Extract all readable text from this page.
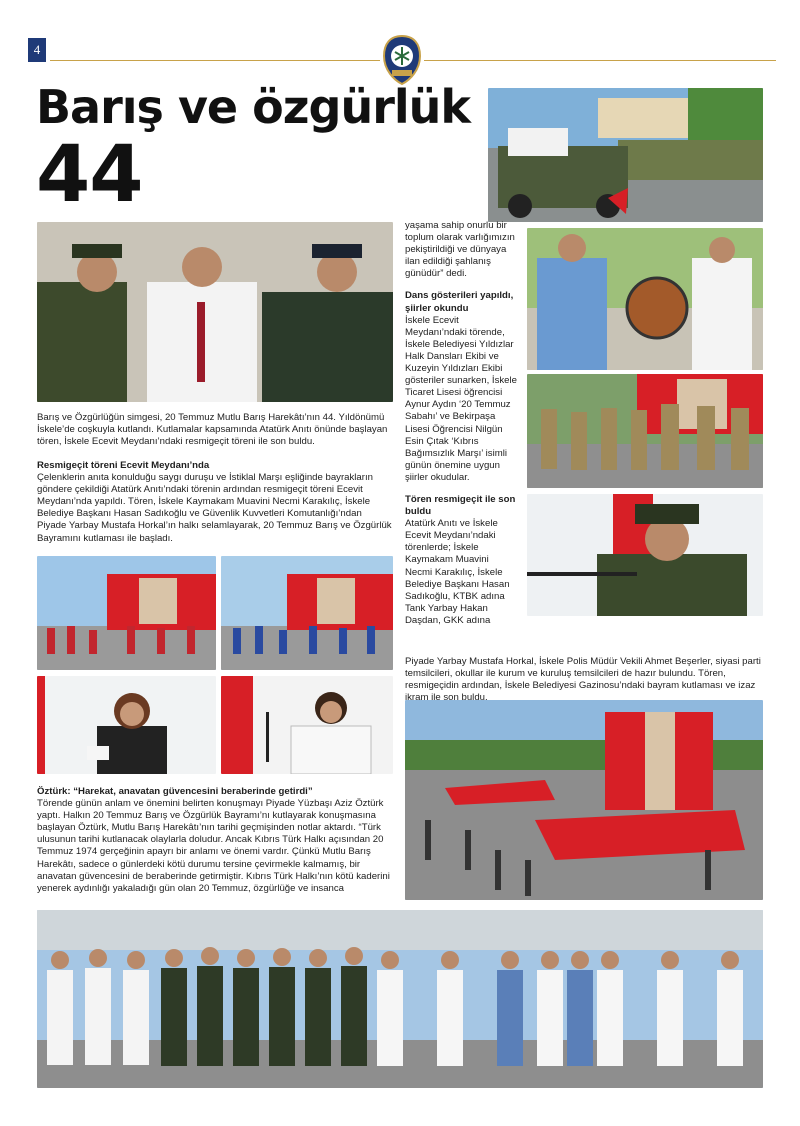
4
Barış ve özgürlük
44

Barış ve Özgürlüğün simgesi, 20 Temmuz Mutlu Barış Harekâtı’nın 44. Yıldönümü İskele’de coşkuyla kutlandı. Kutlamalar kapsamında Atatürk Anıtı önünde başlayan tören, İskele Ecevit Meydanı’ndaki resmigeçit töreni ile son buldu.

Resmigeçit töreni Ecevit Meydanı’nda

Çelenklerin anıta konulduğu saygı duruşu ve İstiklal Marşı eşliğinde bayrakların göndere çekildiği Atatürk Anıtı’ndaki törenin ardından resmigeçit töreni Ecevit Meydanı’nda yapıldı. Tören, İskele Kaymakam Muavini Necmi Karakılıç, İskele Belediye Başkanı Hasan Sadıkoğlu ve Güvenlik Kuvvetleri Komutanlığı’ndan Piyade Yarbay Mustafa Horkal’ın halkı selamlayarak, 20 Temmuz Barış ve Özgürlük Bayramını kutlaması ile başladı.

yaşama sahip onurlu bir toplum olarak varlığımızın pekiştirildiği ve dünyaya ilan edildiği şahlanış günüdür” dedi.

Dans gösterileri yapıldı, şiirler okundu

İskele Ecevit Meydanı’ndaki törende, İskele Belediyesi Yıldızlar Halk Dansları Ekibi ve Kuzeyin Yıldızları Ekibi gösteriler sunarken, İskele Ticaret Lisesi öğrencisi Aynur Aydın ‘20 Temmuz Sabahı’ ve Bekirpaşa Lisesi Öğrencisi Nilgün Esin Çıtak ‘Kıbrıs Bağımsızlık Marşı’ isimli günün önemine uygun şiirler okudular.

Tören resmigeçit ile son buldu

Atatürk Anıtı ve İskele Ecevit Meydanı’ndaki törenlerde; İskele Kaymakam Muavini Necmi Karakılıç, İskele Belediye Başkanı Hasan Sadıkoğlu, KTBK adına Tank Yarbay Hakan Daşdan, GKK adına

Piyade Yarbay Mustafa Horkal, İskele Polis Müdür Vekili Ahmet Beşerler, siyasi parti temsilcileri, okullar ile kurum ve kuruluş temsilcileri de hazır bulundu. Tören, resmigeçidin ardından, İskele Belediyesi Gazinosu’ndaki bayram kutlaması ve izaz ikram ile son buldu.

Öztürk: “Harekat, anavatan güvencesini beraberinde getirdi”

Törende günün anlam ve önemini belirten konuşmayı Piyade Yüzbaşı Aziz Öztürk yaptı. Halkın 20 Temmuz Barış ve Özgürlük Bayramı’nı kutlayarak konuşmasına başlayan Öztürk, Mutlu Barış Harekâtı’nın tarihi geçmişinden notlar aktardı. “Türk ulusunun tarihi kutlanacak olaylarla doludur. Ancak Kıbrıs Türk Halkı açısından 20 Temmuz 1974 gerçeğinin apayrı bir anlamı ve önemi vardır. Çünkü Mutlu Barış Harekâtı, sadece o günlerdeki kötü durumu tersine çevirmekle kalmamış, bir anavatan güvencesini de beraberinde getirmiştir. Kıbrıs Türk Halkı’nın kötü kaderini yenerek aydınlığı yakaladığı gün olan 20 Temmuz, özgürlüğe ve insanca
